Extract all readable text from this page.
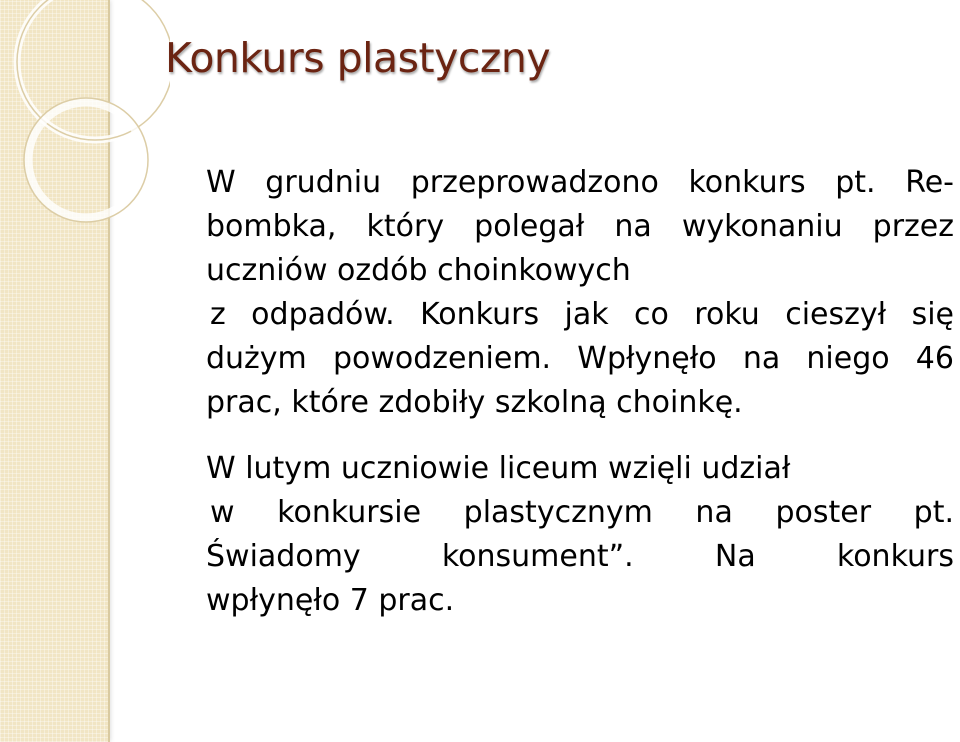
Konkurs plastyczny
W grudniu przeprowadzono konkurs pt. Re-
bombka, który polegał na wykonaniu przez
uczniów ozdób choinkowych
z odpadów. Konkurs jak co roku cieszył się
dużym powodzeniem. Wpłynęło na niego 46
prac, które zdobiły szkolną choinkę.
W lutym uczniowie liceum wzięli udział
w konkursie plastycznym na poster pt.
Świadomy konsument”. Na konkurs
wpłynęło 7 prac.
